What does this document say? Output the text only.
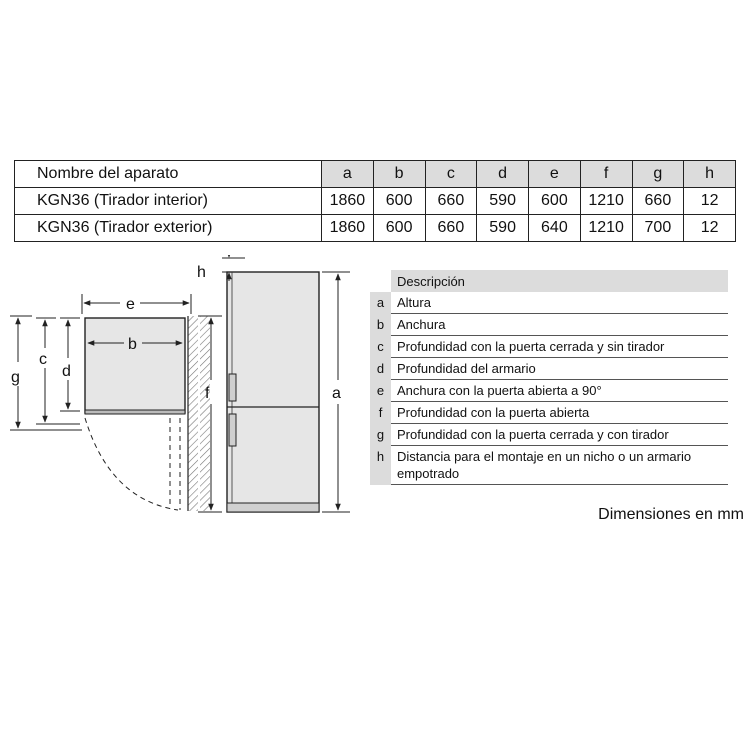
Nombre del aparato	a	b	c	d	e	f	g	h
KGN36 (Tirador interior)	1860	600	660	590	600	1210	660	12
KGN36 (Tirador exterior)	1860	600	660	590	640	1210	700	12
e
b
d
c
g
h
f	a
	Descripción
a	Altura
b	Anchura
c	Profundidad con la puerta cerrada y sin tirador
d	Profundidad del armario
e	Anchura con la puerta abierta a 90°
f	Profundidad con la puerta abierta
g	Profundidad con la puerta cerrada y con tirador
h	Distancia para el montaje en un nicho o un armario empotrado
Dimensiones en mm
